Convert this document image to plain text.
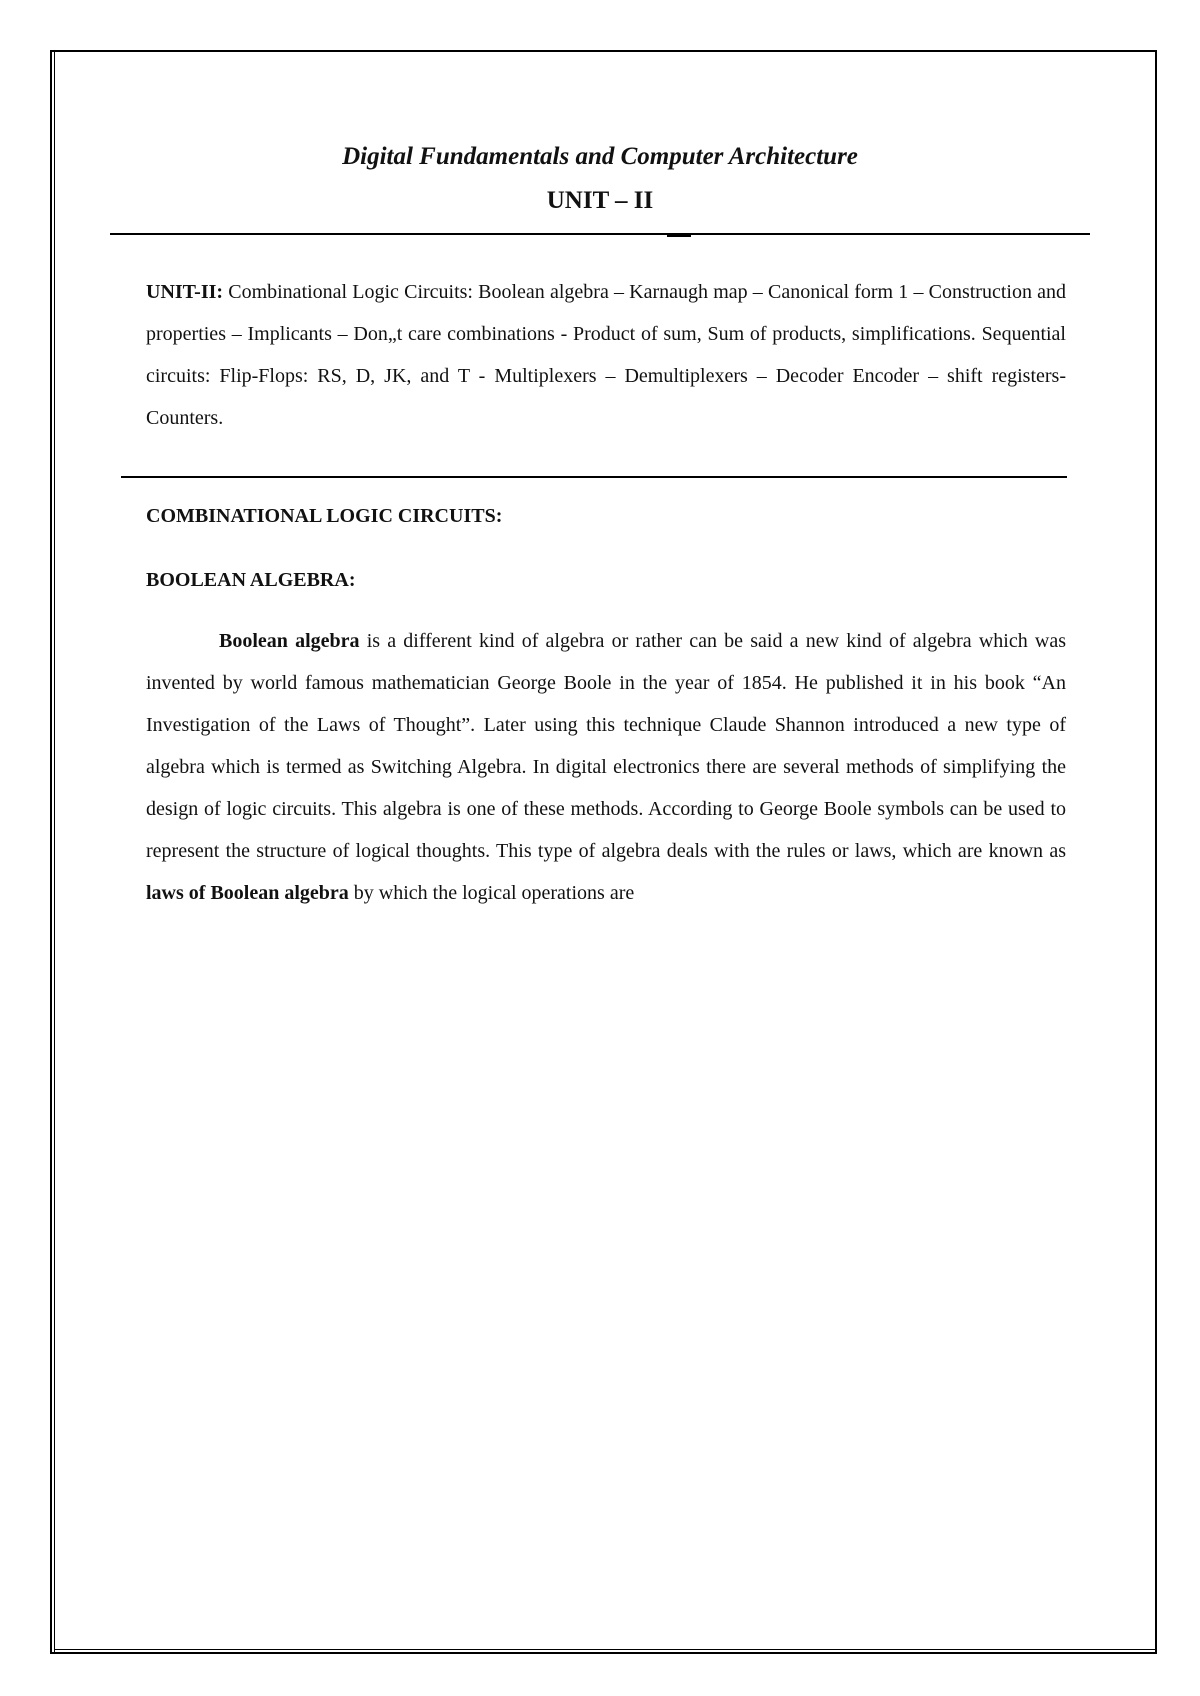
Digital Fundamentals and Computer Architecture
UNIT – II
UNIT-II: Combinational Logic Circuits: Boolean algebra – Karnaugh map – Canonical form 1 – Construction and properties – Implicants – Don„t care combinations - Product of sum, Sum of products, simplifications. Sequential circuits: Flip-Flops: RS, D, JK, and T - Multiplexers – Demultiplexers – Decoder Encoder – shift registers-Counters.
COMBINATIONAL LOGIC CIRCUITS:
BOOLEAN ALGEBRA:
Boolean algebra is a different kind of algebra or rather can be said a new kind of algebra which was invented by world famous mathematician George Boole in the year of 1854. He published it in his book “An Investigation of the Laws of Thought”. Later using this technique Claude Shannon introduced a new type of algebra which is termed as Switching Algebra. In digital electronics there are several methods of simplifying the design of logic circuits. This algebra is one of these methods. According to George Boole symbols can be used to represent the structure of logical thoughts. This type of algebra deals with the rules or laws, which are known as laws of Boolean algebra by which the logical operations are
